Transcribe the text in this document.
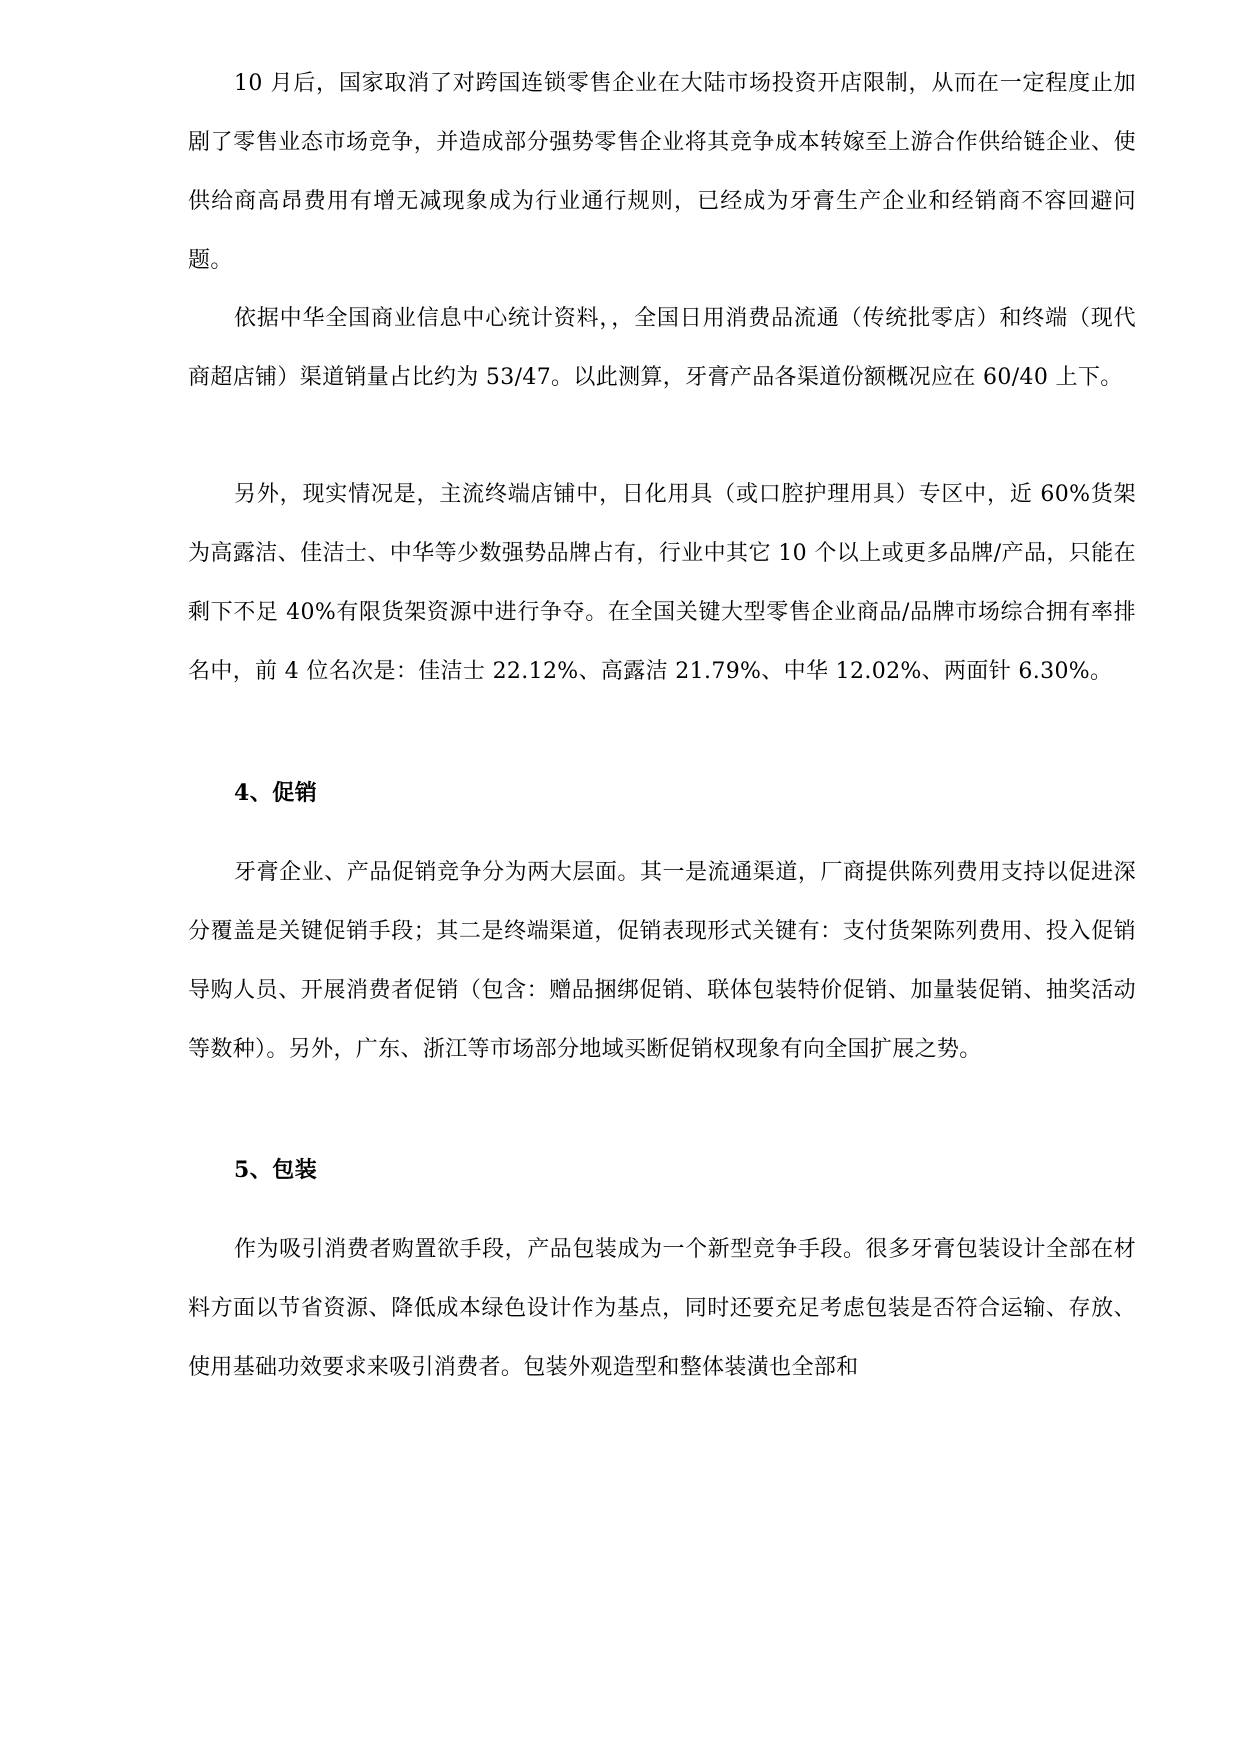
10 月后，国家取消了对跨国连锁零售企业在大陆市场投资开店限制，从而在一定程度止加剧了零售业态市场竞争，并造成部分强势零售企业将其竞争成本转嫁至上游合作供给链企业、使供给商高昂费用有增无减现象成为行业通行规则，已经成为牙膏生产企业和经销商不容回避问题。

依据中华全国商业信息中心统计资料，，全国日用消费品流通（传统批零店）和终端（现代商超店铺）渠道销量占比约为 53/47。以此测算，牙膏产品各渠道份额概况应在 60/40 上下。

另外，现实情况是，主流终端店铺中，日化用具（或口腔护理用具）专区中，近 60%货架为高露洁、佳洁士、中华等少数强势品牌占有，行业中其它 10 个以上或更多品牌/产品，只能在剩下不足 40%有限货架资源中进行争夺。在全国关键大型零售企业商品/品牌市场综合拥有率排名中，前 4 位名次是：佳洁士 22.12%、高露洁 21.79%、中华 12.02%、两面针 6.30%。

4、促销

牙膏企业、产品促销竞争分为两大层面。其一是流通渠道，厂商提供陈列费用支持以促进深分覆盖是关键促销手段；其二是终端渠道，促销表现形式关键有：支付货架陈列费用、投入促销导购人员、开展消费者促销（包含：赠品捆绑促销、联体包装特价促销、加量装促销、抽奖活动等数种）。另外，广东、浙江等市场部分地域买断促销权现象有向全国扩展之势。

5、包装

作为吸引消费者购置欲手段，产品包装成为一个新型竞争手段。很多牙膏包装设计全部在材料方面以节省资源、降低成本绿色设计作为基点，同时还要充足考虑包装是否符合运输、存放、使用基础功效要求来吸引消费者。包装外观造型和整体装潢也全部和
